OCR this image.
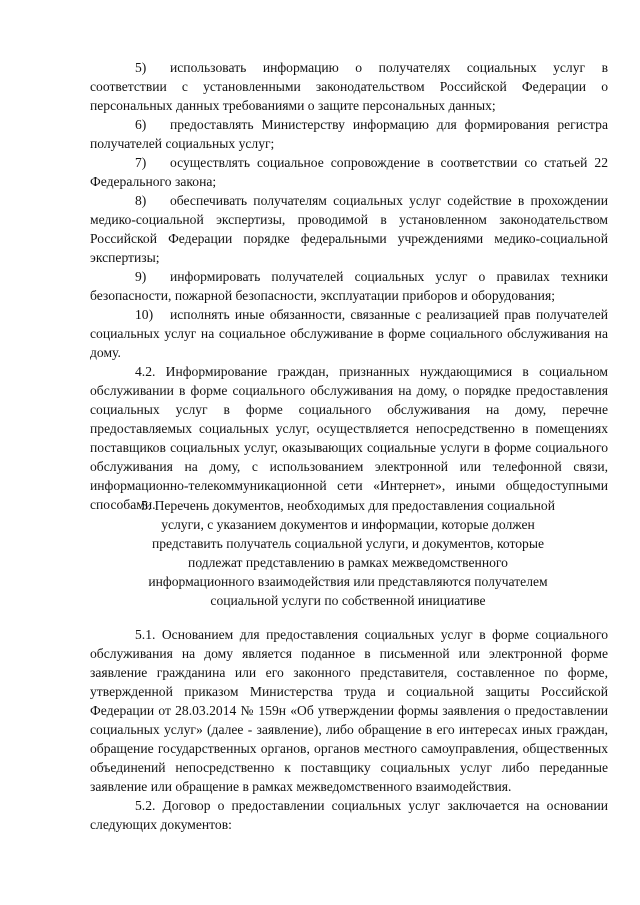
5) использовать информацию о получателях социальных услуг в соответствии с установленными законодательством Российской Федерации о персональных данных требованиями о защите персональных данных;

6) предоставлять Министерству информацию для формирования регистра получателей социальных услуг;

7) осуществлять социальное сопровождение в соответствии со статьей 22 Федерального закона;

8) обеспечивать получателям социальных услуг содействие в прохождении медико-социальной экспертизы, проводимой в установленном законодательством Российской Федерации порядке федеральными учреждениями медико-социальной экспертизы;

9) информировать получателей социальных услуг о правилах техники безопасности, пожарной безопасности, эксплуатации приборов и оборудования;

10) исполнять иные обязанности, связанные с реализацией прав получателей социальных услуг на социальное обслуживание в форме социального обслуживания на дому.

4.2. Информирование граждан, признанных нуждающимися в социальном обслуживании в форме социального обслуживания на дому, о порядке предоставления социальных услуг в форме социального обслуживания на дому, перечне предоставляемых социальных услуг, осуществляется непосредственно в помещениях поставщиков социальных услуг, оказывающих социальные услуги в форме социального обслуживания на дому, с использованием электронной или телефонной связи, информационно-телекоммуникационной сети «Интернет», иными общедоступными способами.

5. Перечень документов, необходимых для предоставления социальной
услуги, с указанием документов и информации, которые должен
представить получатель социальной услуги, и документов, которые
подлежат представлению в рамках межведомственного
информационного взаимодействия или представляются получателем
социальной услуги по собственной инициативе

5.1. Основанием для предоставления социальных услуг в форме социального обслуживания на дому является поданное в письменной или электронной форме заявление гражданина или его законного представителя, составленное по форме, утвержденной приказом Министерства труда и социальной защиты Российской Федерации от 28.03.2014 № 159н «Об утверждении формы заявления о предоставлении социальных услуг» (далее - заявление), либо обращение в его интересах иных граждан, обращение государственных органов, органов местного самоуправления, общественных объединений непосредственно к поставщику социальных услуг либо переданные заявление или обращение в рамках межведомственного взаимодействия.

5.2. Договор о предоставлении социальных услуг заключается на основании следующих документов:
